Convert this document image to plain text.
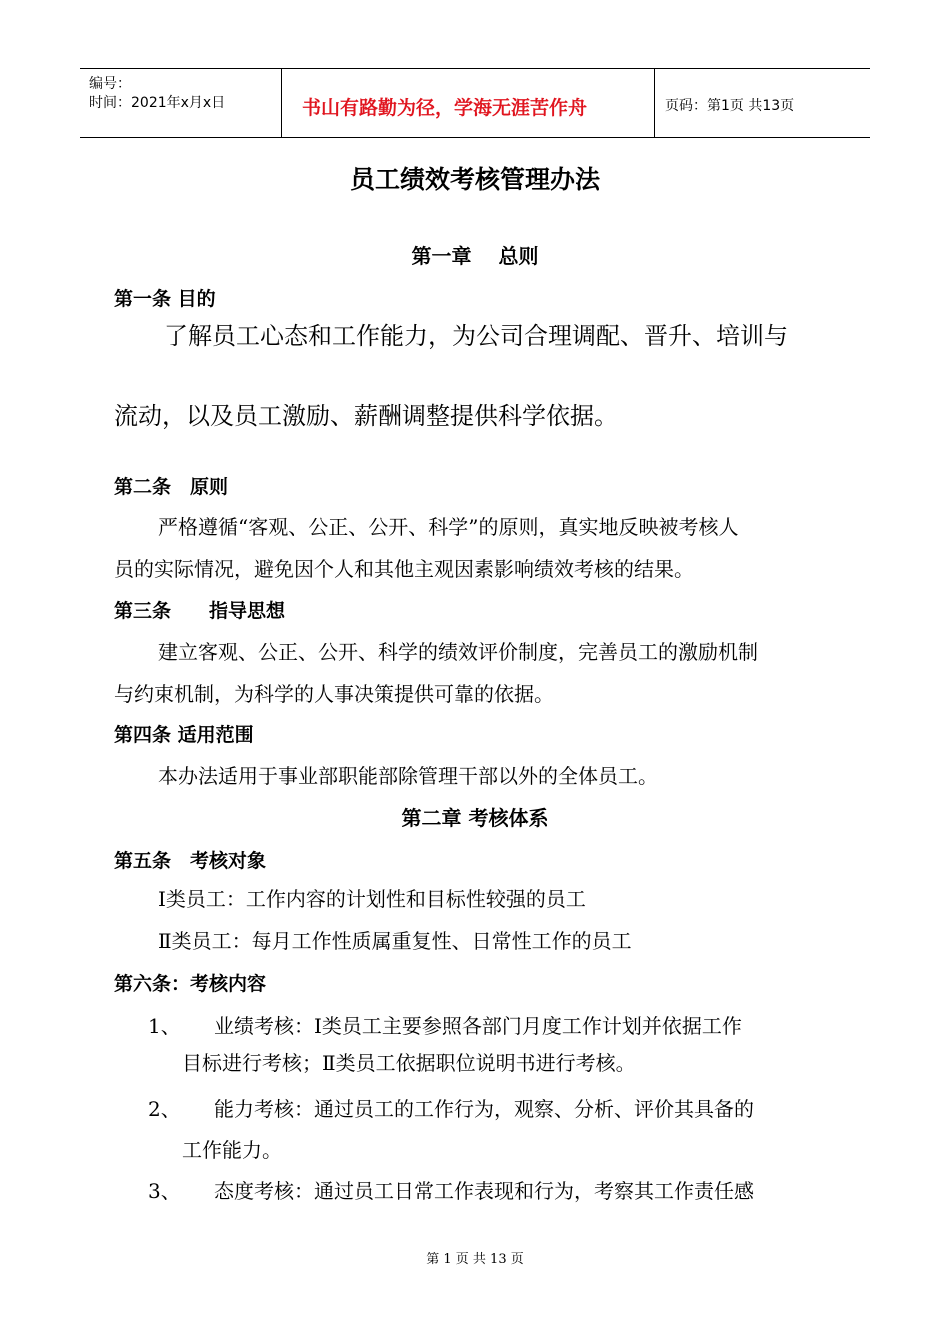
编号：
时间：2021年x月x日	书山有路勤为径，学海无涯苦作舟	页码：第1页 共13页
员工绩效考核管理办法
第一章　 总则
第一条 目的
了解员工心态和工作能力，为公司合理调配、晋升、培训与
流动，以及员工激励、薪酬调整提供科学依据。
第二条　原则
严格遵循“客观、公正、公开、科学”的原则，真实地反映被考核人
员的实际情况，避免因个人和其他主观因素影响绩效考核的结果。
第三条　　指导思想
建立客观、公正、公开、科学的绩效评价制度，完善员工的激励机制
与约束机制，为科学的人事决策提供可靠的依据。
第四条 适用范围
本办法适用于事业部职能部除管理干部以外的全体员工。
第二章 考核体系
第五条　考核对象
Ⅰ类员工：工作内容的计划性和目标性较强的员工
Ⅱ类员工：每月工作性质属重复性、日常性工作的员工
第六条：考核内容
1、 业绩考核：Ⅰ类员工主要参照各部门月度工作计划并依据工作
目标进行考核；Ⅱ类员工依据职位说明书进行考核。
2、 能力考核：通过员工的工作行为，观察、分析、评价其具备的
工作能力。
3、 态度考核：通过员工日常工作表现和行为，考察其工作责任感
第 1 页 共 13 页
